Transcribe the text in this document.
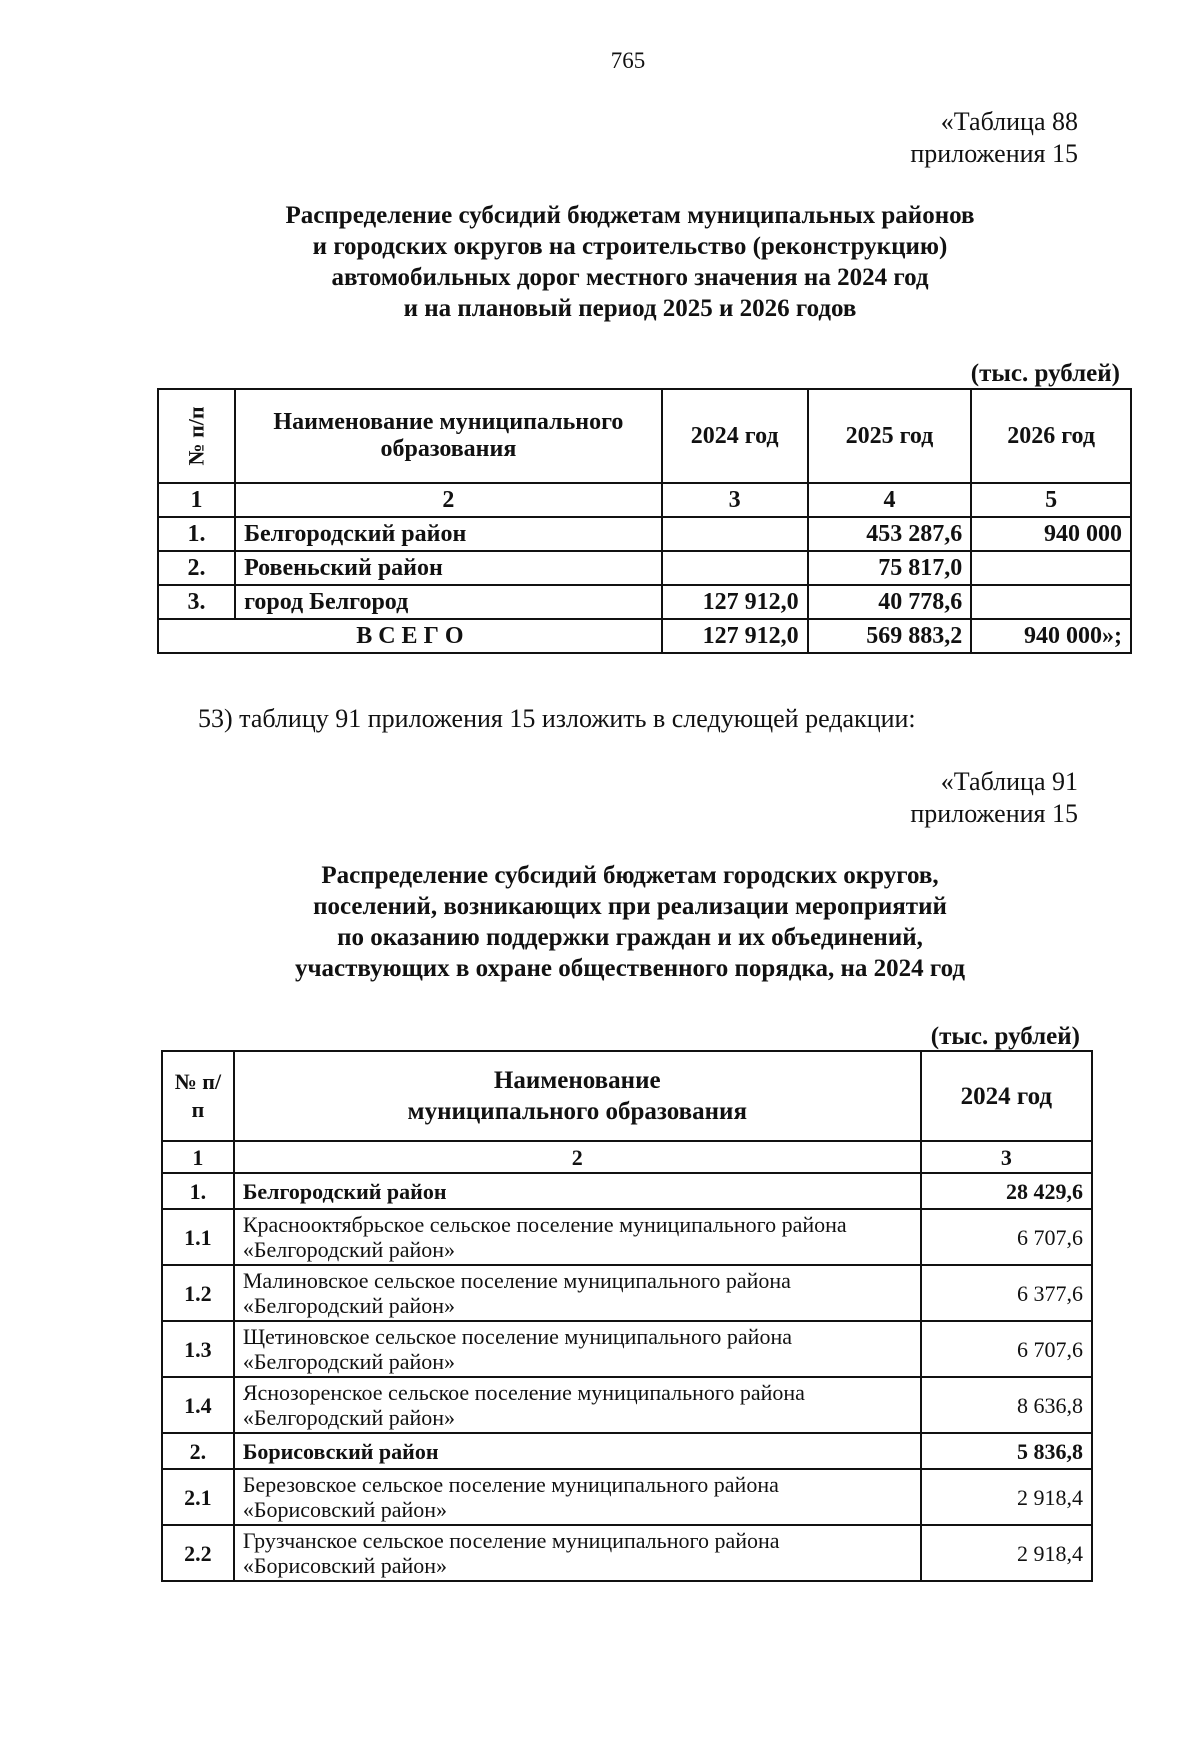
765
«Таблица 88
приложения 15
Распределение субсидий бюджетам муниципальных районов
и городских округов на строительство (реконструкцию)
автомобильных дорог местного значения на 2024 год
и на плановый период 2025 и 2026 годов
(тыс. рублей)
№ п/п	Наименование муниципального образования	2024 год	2025 год	2026 год
1	2	3	4	5
1.	Белгородский район		453 287,6	940 000
2.	Ровеньский район		75 817,0	
3.	город Белгород	127 912,0	40 778,6	
В С Е Г О		127 912,0	569 883,2	940 000»;
53) таблицу 91 приложения 15 изложить в следующей редакции:
«Таблица 91
приложения 15
Распределение субсидий бюджетам городских округов,
поселений, возникающих при реализации мероприятий
по оказанию поддержки граждан и их объединений,
участвующих в охране общественного порядка, на 2024 год
(тыс. рублей)
№ п/п	Наименование муниципального образования	2024 год
1	2	3
1.	Белгородский район	28 429,6
1.1	Краснооктябрьское сельское поселение муниципального района «Белгородский район»	6 707,6
1.2	Малиновское сельское поселение муниципального района «Белгородский район»	6 377,6
1.3	Щетиновское сельское поселение муниципального района «Белгородский район»	6 707,6
1.4	Яснозоренское сельское поселение муниципального района «Белгородский район»	8 636,8
2.	Борисовский район	5 836,8
2.1	Березовское сельское поселение муниципального района «Борисовский район»	2 918,4
2.2	Грузчанское сельское поселение муниципального района «Борисовский район»	2 918,4
